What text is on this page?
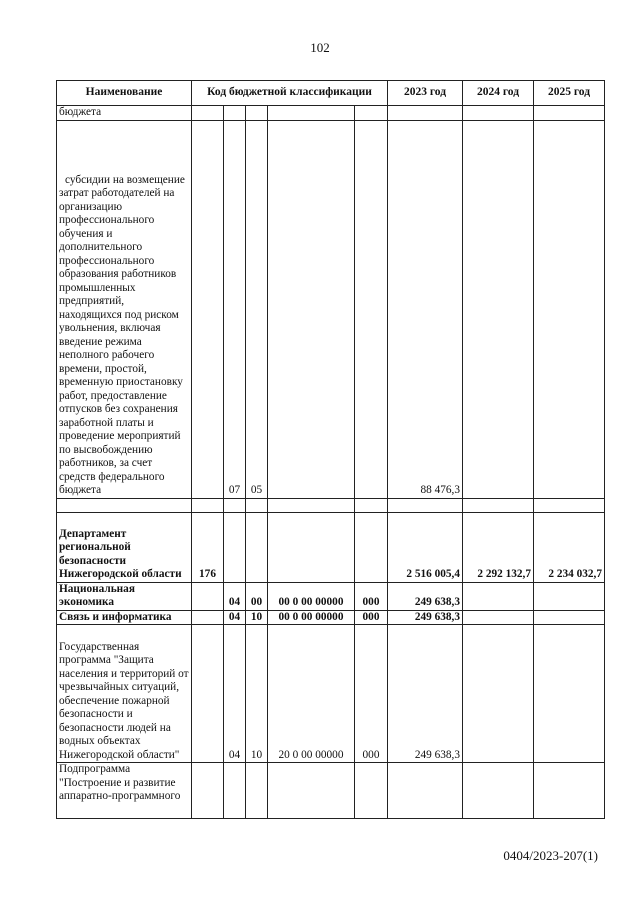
102
Наименование	Код бюджетной классификации					2023 год	2024 год	2025 год
бюджета								
субсидии на возмещение затрат работодателей на организацию профессионального обучения и дополнительного профессионального образования работников промышленных предприятий, находящихся под риском увольнения, включая введение режима неполного рабочего времени, простой, временную приостановку работ, предоставление отпусков без сохранения заработной платы и проведение мероприятий по высвобождению работников, за счет средств федерального бюджета		07	05			88 476,3		

Департамент региональной безопасности Нижегородской области	176					2 516 005,4	2 292 132,7	2 234 032,7
Национальная экономика		04	00	00 0 00 00000	000	249 638,3		
Связь и информатика		04	10	00 0 00 00000	000	249 638,3		
Государственная программа "Защита населения и территорий от чрезвычайных ситуаций, обеспечение пожарной безопасности и безопасности людей на водных объектах Нижегородской области"		04	10	20 0 00 00000	000	249 638,3		
Подпрограмма "Построение и развитие аппаратно-программного								
0404/2023-207(1)
